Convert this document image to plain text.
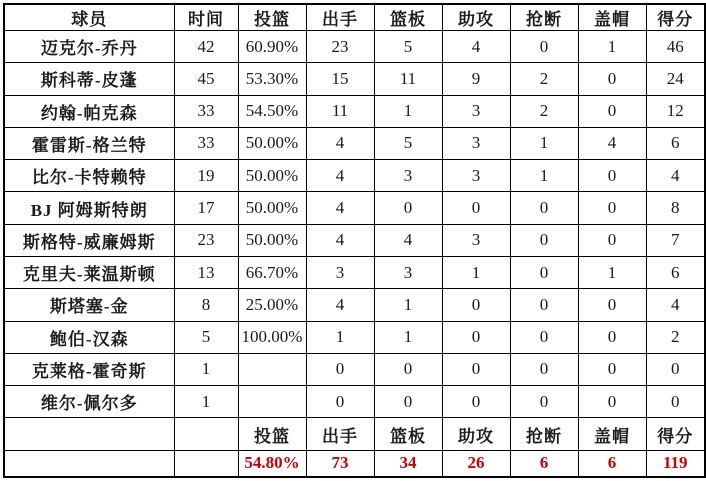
球员	时间	投篮	出手	篮板	助攻	抢断	盖帽	得分
迈克尔-乔丹	42	60.90%	23	5	4	0	1	46
斯科蒂-皮蓬	45	53.30%	15	11	9	2	0	24
约翰-帕克森	33	54.50%	11	1	3	2	0	12
霍雷斯-格兰特	33	50.00%	4	5	3	1	4	6
比尔-卡特赖特	19	50.00%	4	3	3	1	0	4
BJ 阿姆斯特朗	17	50.00%	4	0	0	0	0	8
斯格特-威廉姆斯	23	50.00%	4	4	3	0	0	7
克里夫-莱温斯顿	13	66.70%	3	3	1	0	1	6
斯塔塞-金	8	25.00%	4	1	0	0	0	4
鲍伯-汉森	5	100.00%	1	1	0	0	0	2
克莱格-霍奇斯	1		0	0	0	0	0	0
维尔-佩尔多	1		0	0	0	0	0	0
		投篮	出手	篮板	助攻	抢断	盖帽	得分
		54.80%	73	34	26	6	6	119
